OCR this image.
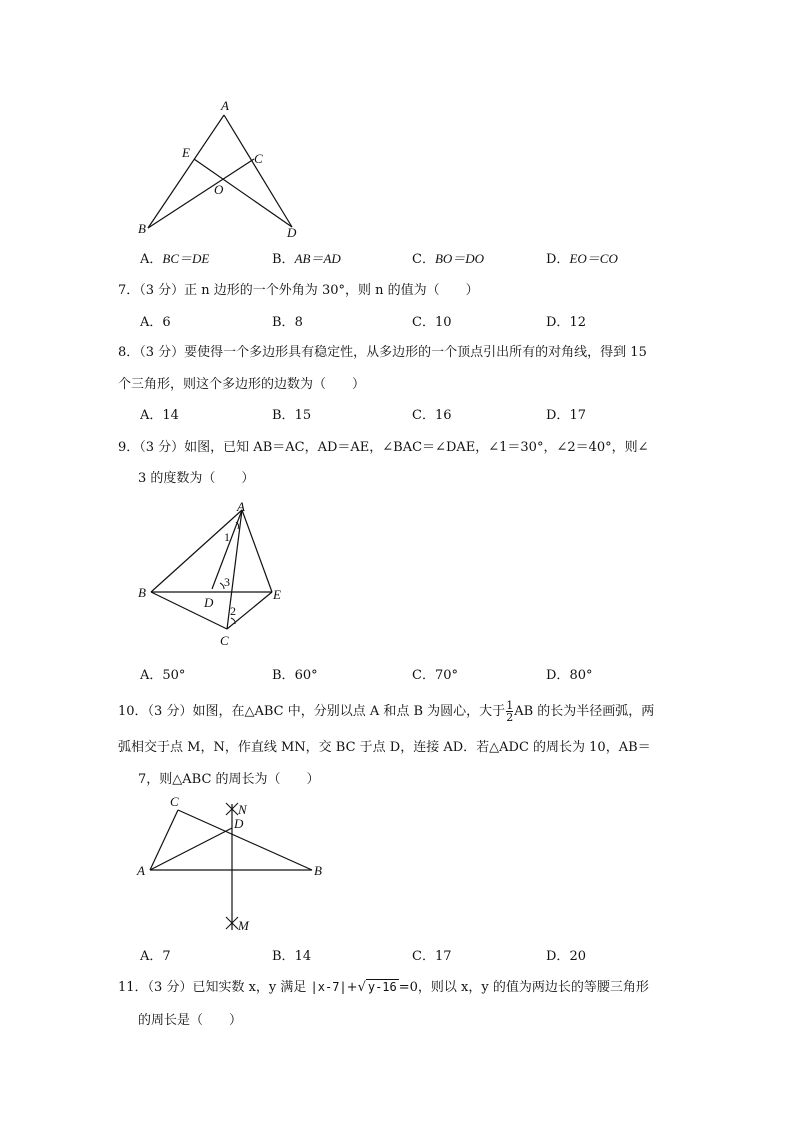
A
E	C
O
B	D
A．BC＝DE	B．AB＝AD	C．BO＝DO	D．EO＝CO
7．（3 分）正 n 边形的一个外角为 30°，则 n 的值为（　　）
A．6	B．8	C．10	D．12
8．（3 分）要使得一个多边形具有稳定性，从多边形的一个顶点引出所有的对角线，得到 15
个三角形，则这个多边形的边数为（　　）
A．14	B．15	C．16	D．17
9．（3 分）如图，已知 AB＝AC，AD＝AE，∠BAC＝∠DAE，∠1＝30°，∠2＝40°，则∠
3 的度数为（　　）
A
B
C
D
E
1
3
2
A．50°	B．60°	C．70°	D．80°
10．（3 分）如图，在△ABC 中，分别以点 A 和点 B 为圆心，大于 $\frac{1}{2}$ AB 的长为半径画弧，两
弧相交于点 M，N，作直线 MN，交 BC 于点 D，连接 AD．若△ADC 的周长为 10，AB＝
7，则△ABC 的周长为（　　）
C
N
D
A	B
M
A．7	B．14	C．17	D．20
11．（3 分）已知实数 x，y 满足 |x-7|+√ y-16 =0，则以 x，y 的值为两边长的等腰三角形
的周长是（　　）
